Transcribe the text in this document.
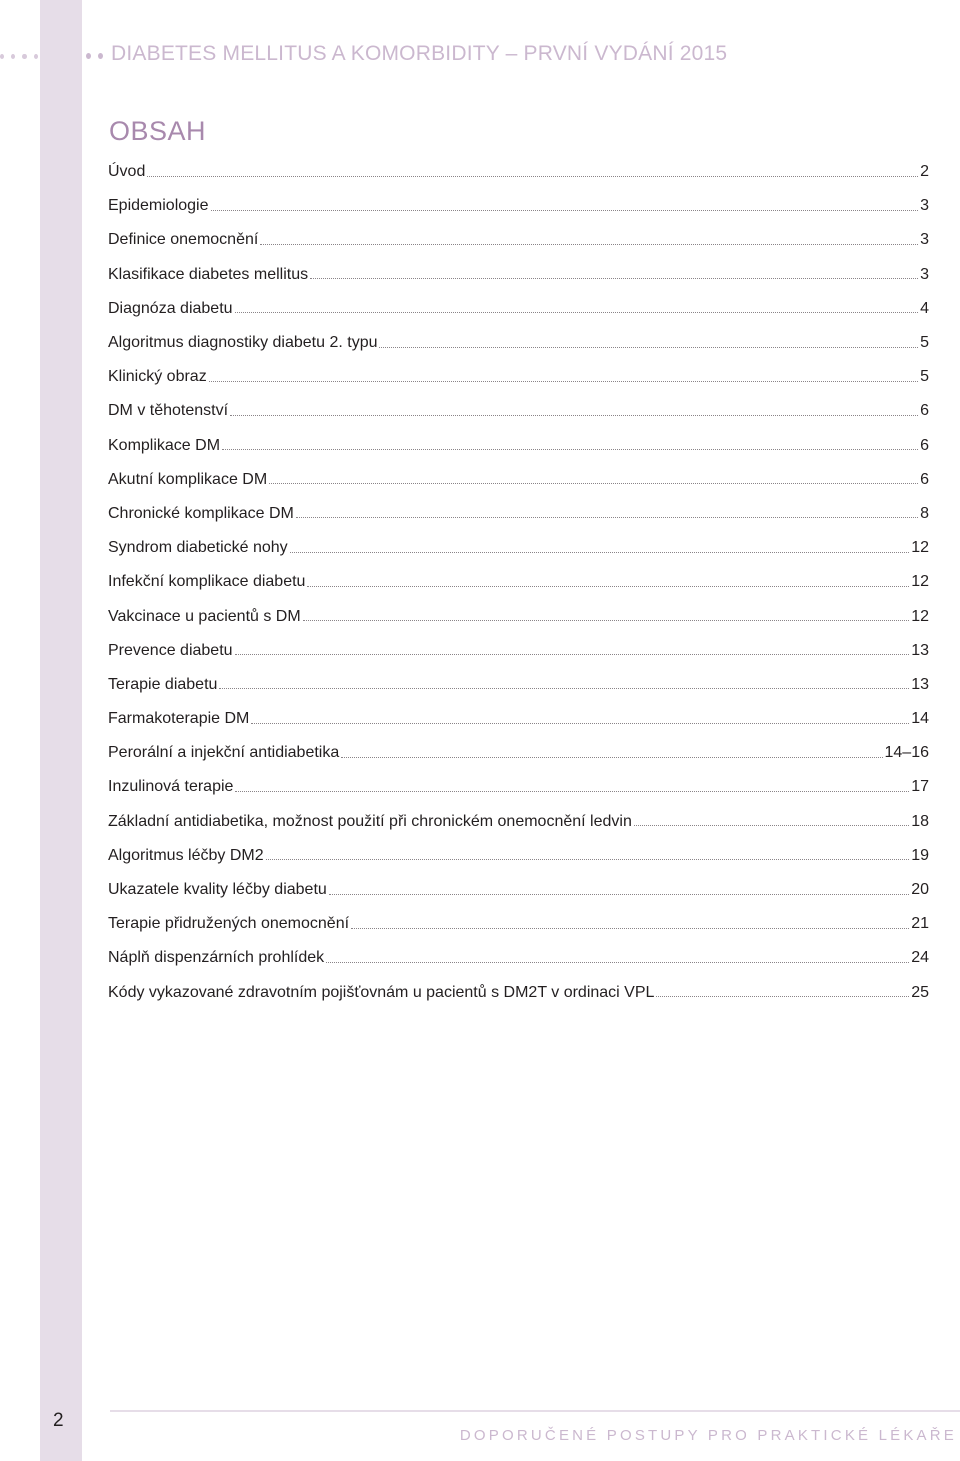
DIABETES MELLITUS A KOMORBIDITY – PRVNÍ VYDÁNÍ 2015
OBSAH
Úvod	2
Epidemiologie	3
Definice onemocnění	3
Klasifikace diabetes mellitus	3
Diagnóza diabetu	4
Algoritmus diagnostiky diabetu 2. typu	5
Klinický obraz	5
DM v těhotenství	6
Komplikace DM	6
Akutní komplikace DM	6
Chronické komplikace DM	8
Syndrom diabetické nohy	12
Infekční komplikace diabetu	12
Vakcinace u pacientů s DM	12
Prevence diabetu	13
Terapie diabetu	13
Farmakoterapie DM	14
Perorální a injekční antidiabetika	14–16
Inzulinová terapie	17
Základní antidiabetika, možnost použití při chronickém onemocnění ledvin	18
Algoritmus léčby DM2	19
Ukazatele kvality léčby diabetu	20
Terapie přidružených onemocnění	21
Náplň dispenzárních prohlídek	24
Kódy vykazované zdravotním pojišťovnám u pacientů s DM2T v ordinaci VPL	25
2
DOPORUČENÉ POSTUPY PRO PRAKTICKÉ LÉKAŘE
